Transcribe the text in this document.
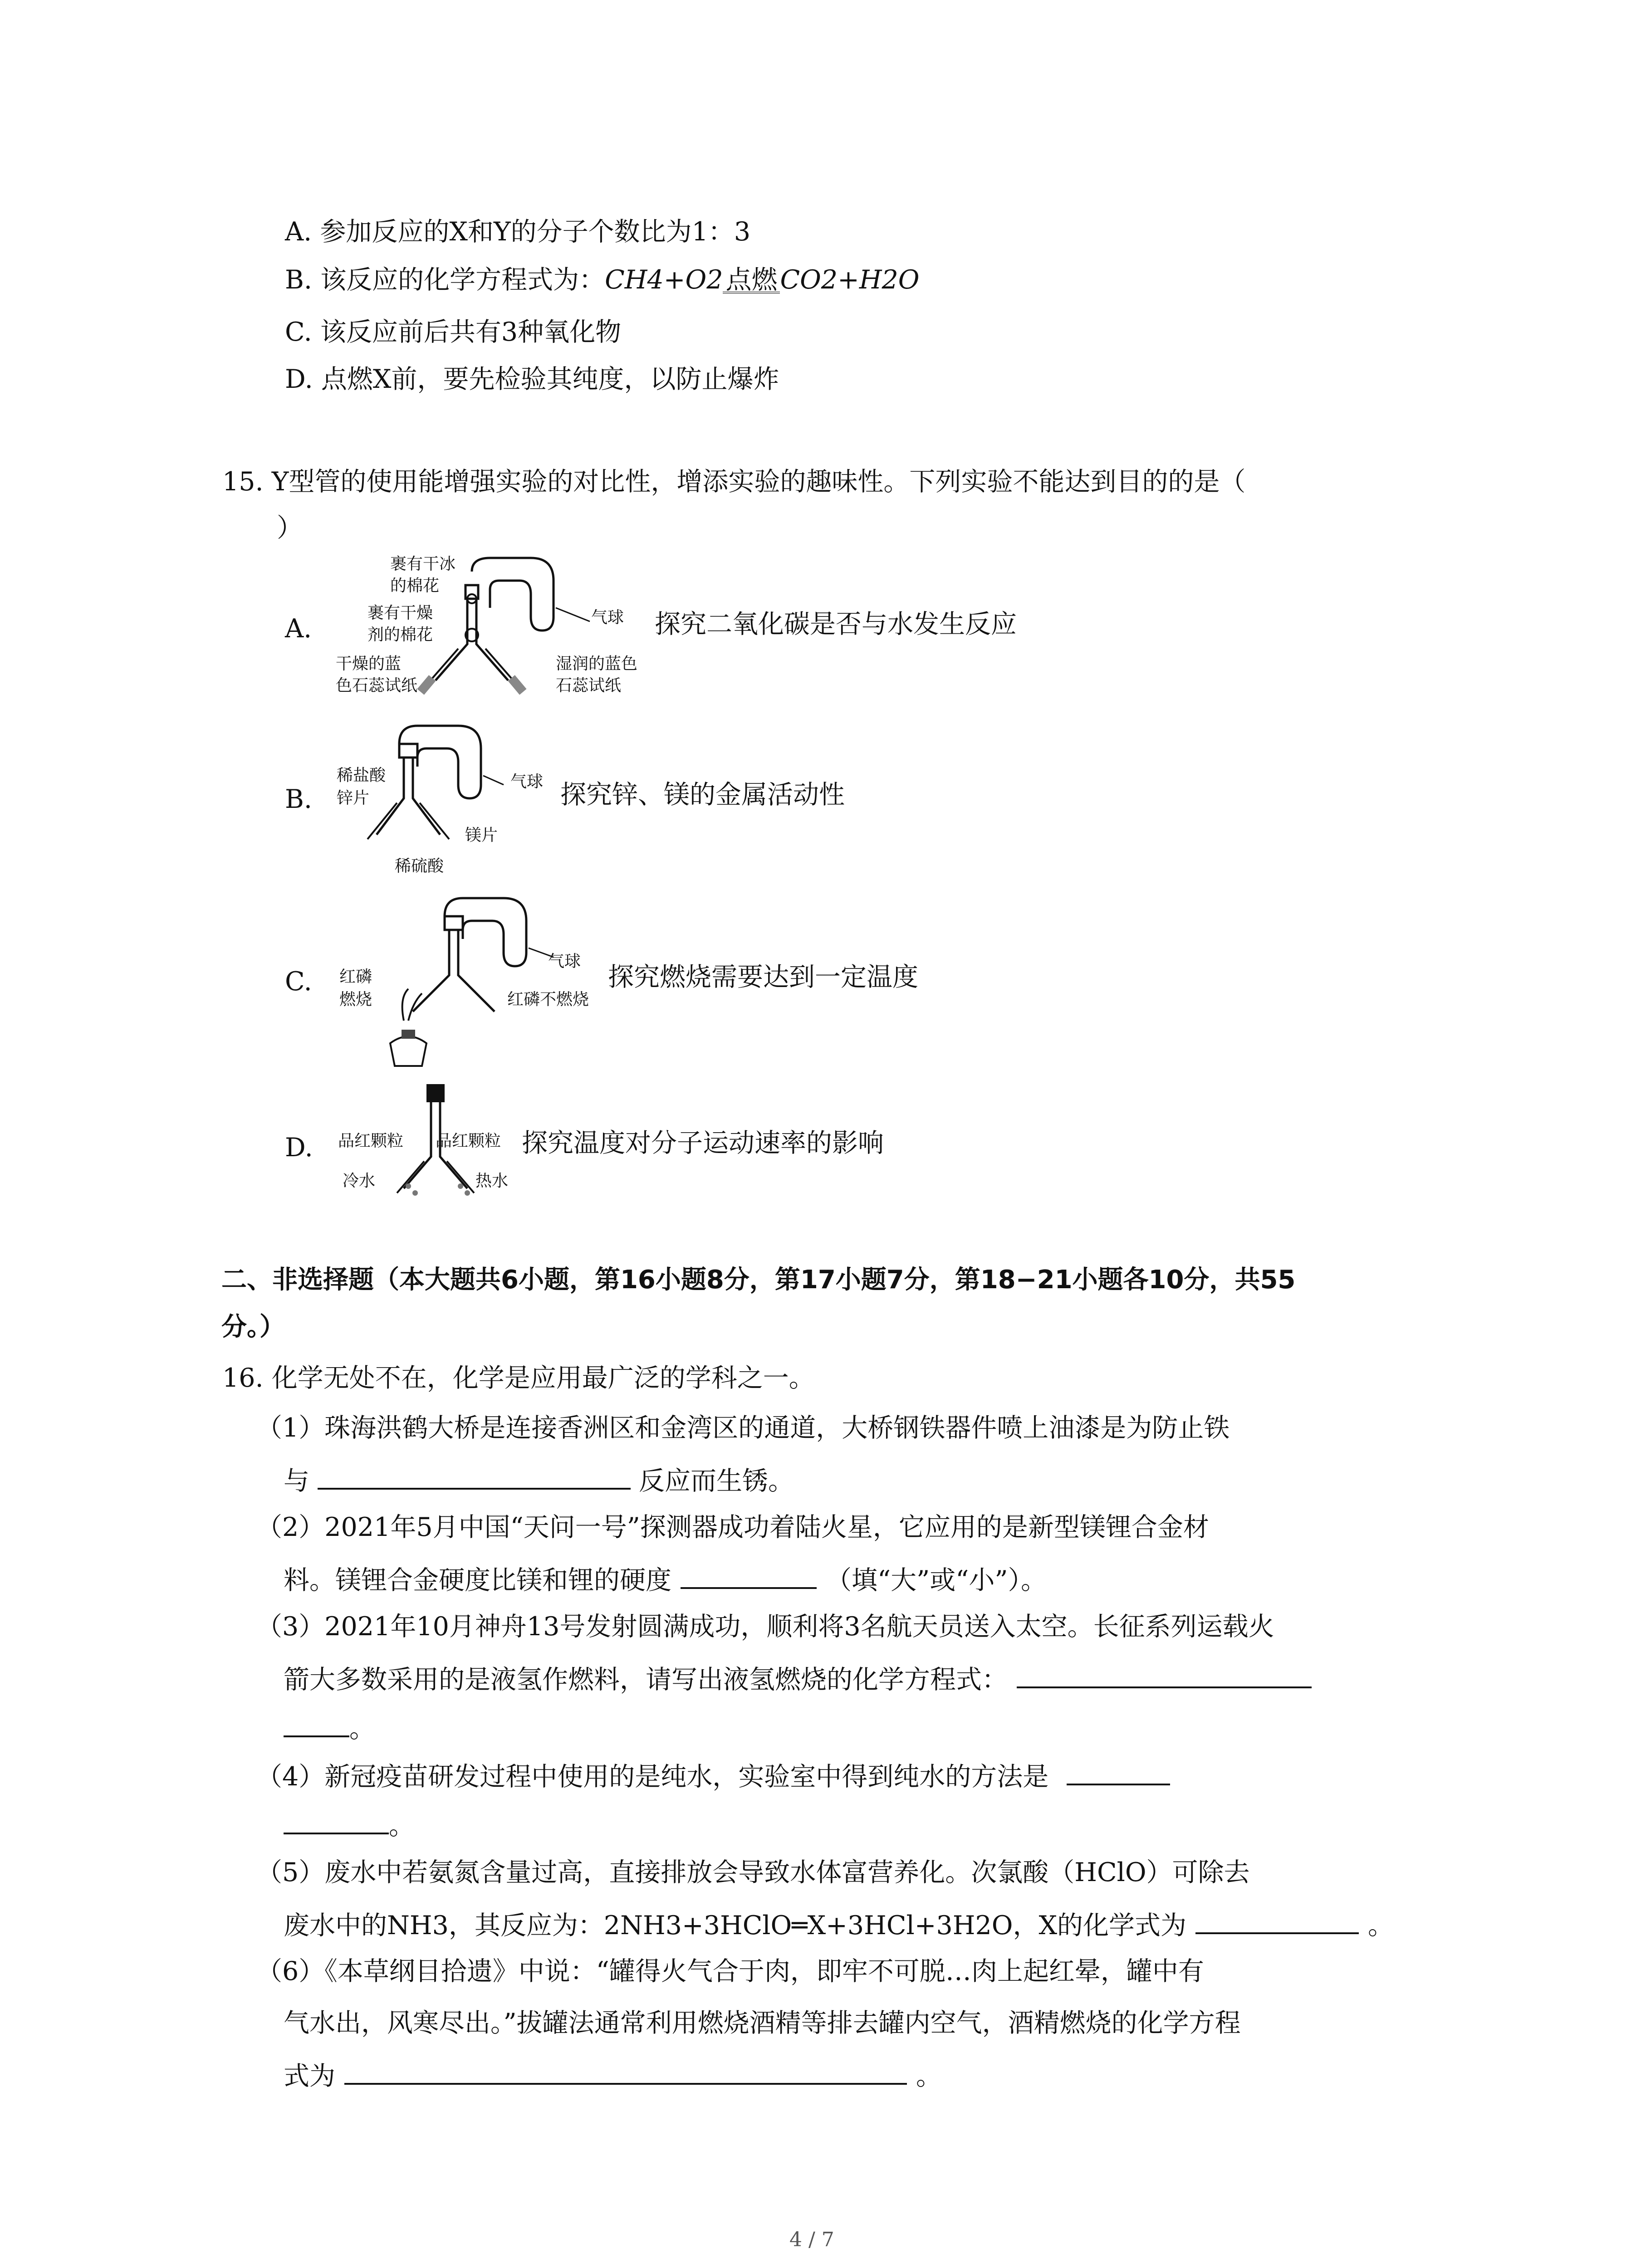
A. 参加反应的X和Y的分子个数比为1：3
B. 该反应的化学方程式为：CH4+O2 点燃 CO2+H2O
C. 该反应前后共有3种氧化物
D. 点燃X前，要先检验其纯度，以防止爆炸
15. Y型管的使用能增强实验的对比性，增添实验的趣味性。下列实验不能达到目的的是（
）
A.	探究二氧化碳是否与水发生反应
裹有干冰
的棉花
裹有干燥
剂的棉花
干燥的蓝
色石蕊试纸
湿润的蓝色
石蕊试纸
气球
B.	探究锌、镁的金属活动性
稀盐酸
锌片
镁片
稀硫酸
气球
C.	探究燃烧需要达到一定温度
红磷
燃烧	红磷不燃烧
气球
D.	探究温度对分子运动速率的影响
品红颗粒 品红颗粒
冷水	热水
二、非选择题（本大题共6小题，第16小题8分，第17小题7分，第18−21小题各10分，共55
分。）
16. 化学无处不在，化学是应用最广泛的学科之一。
（1）珠海洪鹤大桥是连接香洲区和金湾区的通道，大桥钢铁器件喷上油漆是为防止铁
与	反应而生锈。
（2）2021年5月中国“天问一号”探测器成功着陆火星，它应用的是新型镁锂合金材
料。镁锂合金硬度比镁和锂的硬度	（填“大”或“小”）。
（3）2021年10月神舟13号发射圆满成功，顺利将3名航天员送入太空。长征系列运载火
箭大多数采用的是液氢作燃料，请写出液氢燃烧的化学方程式：
。
（4）新冠疫苗研发过程中使用的是纯水，实验室中得到纯水的方法是
。
（5）废水中若氨氮含量过高，直接排放会导致水体富营养化。次氯酸（HClO）可除去
废水中的NH3，其反应为：2NH3+3HClO═X+3HCl+3H2O，X的化学式为	。
（6）《本草纲目拾遗》中说：“罐得火气合于肉，即牢不可脱…肉上起红晕，罐中有
气水出，风寒尽出。”拔罐法通常利用燃烧酒精等排去罐内空气，酒精燃烧的化学方程
式为	。
4 / 7
